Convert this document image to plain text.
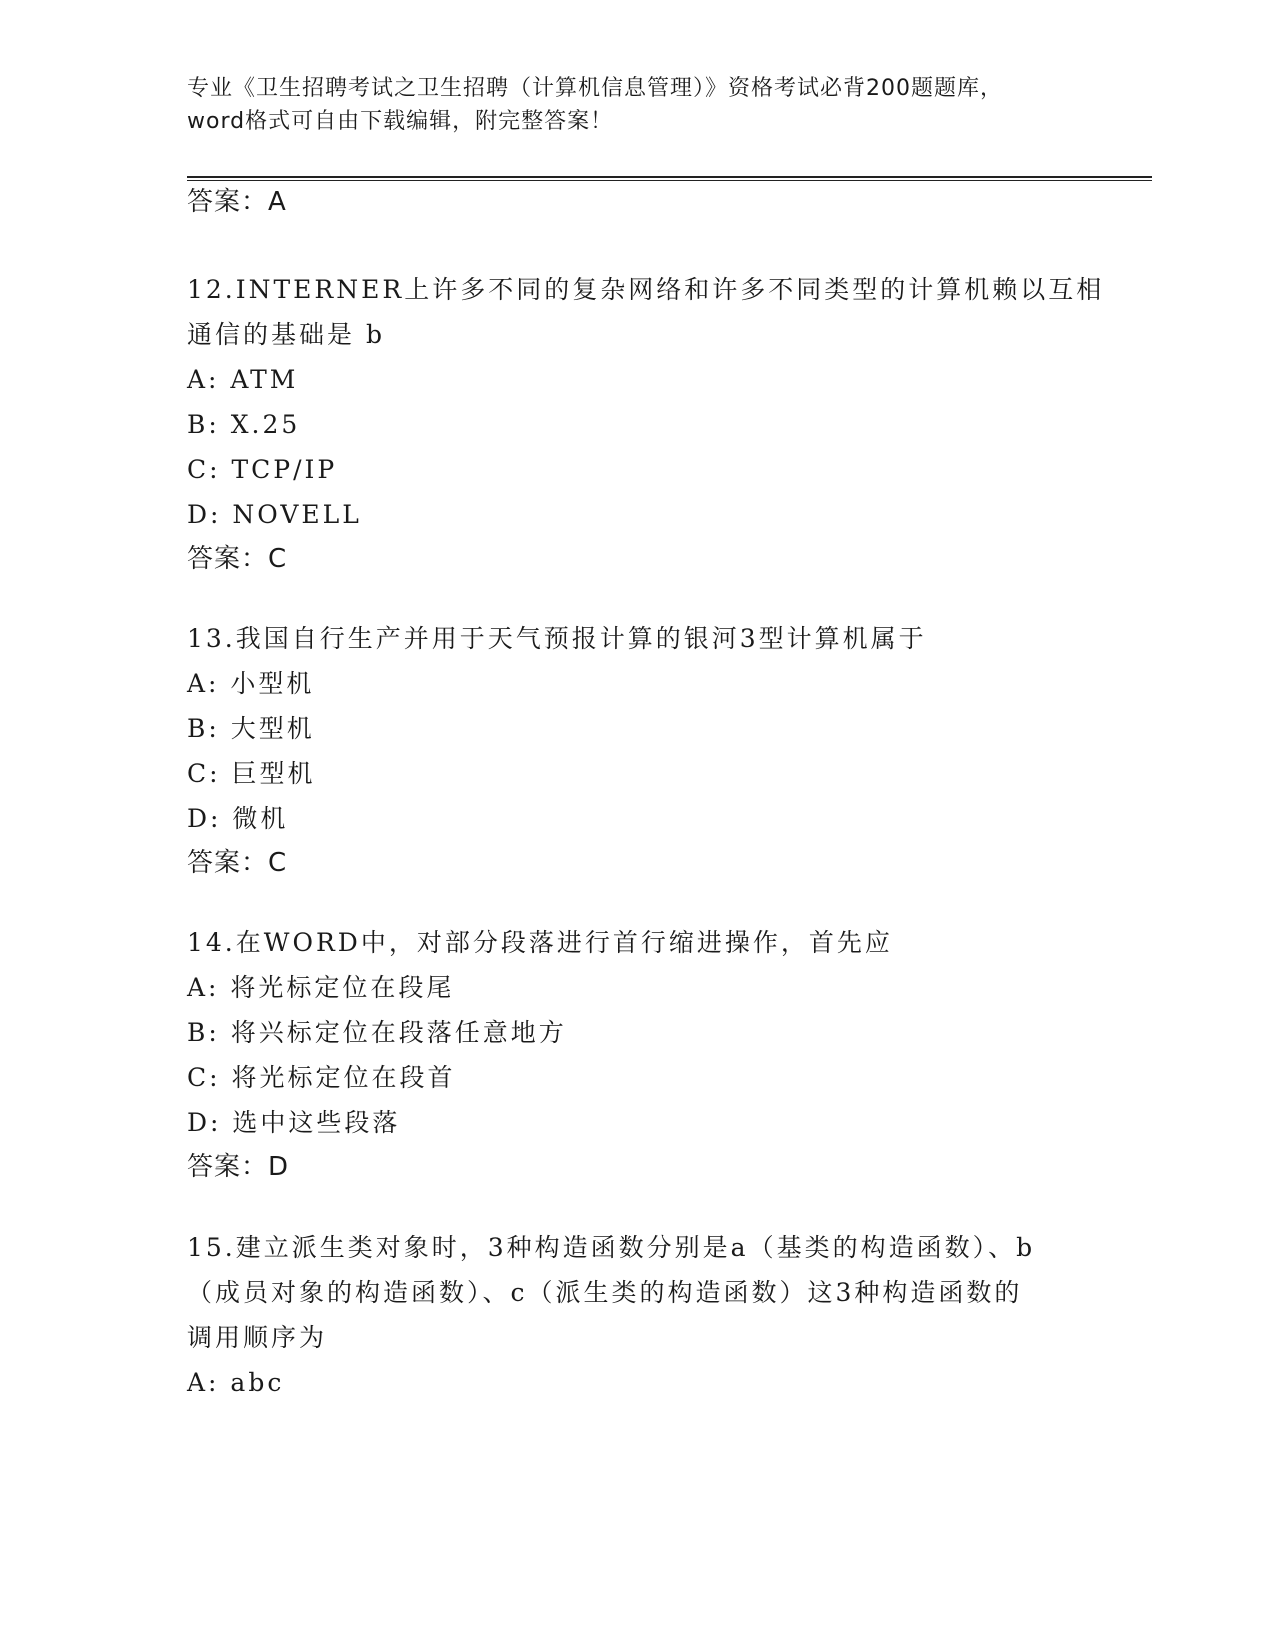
专业《卫生招聘考试之卫生招聘（计算机信息管理）》资格考试必背200题题库，
word格式可自由下载编辑，附完整答案！
答案：A
12.INTERNER上许多不同的复杂网络和许多不同类型的计算机赖以互相
通信的基础是 b
A: ATM
B: X.25
C: TCP/IP
D: NOVELL
答案：C
13.我国自行生产并用于天气预报计算的银河3型计算机属于
A: 小型机
B: 大型机
C: 巨型机
D: 微机
答案：C
14.在WORD中，对部分段落进行首行缩进操作，首先应
A: 将光标定位在段尾
B: 将兴标定位在段落任意地方
C: 将光标定位在段首
D: 选中这些段落
答案：D
15.建立派生类对象时，3种构造函数分别是a（基类的构造函数）、b
（成员对象的构造函数）、c（派生类的构造函数）这3种构造函数的
调用顺序为
A: abc
